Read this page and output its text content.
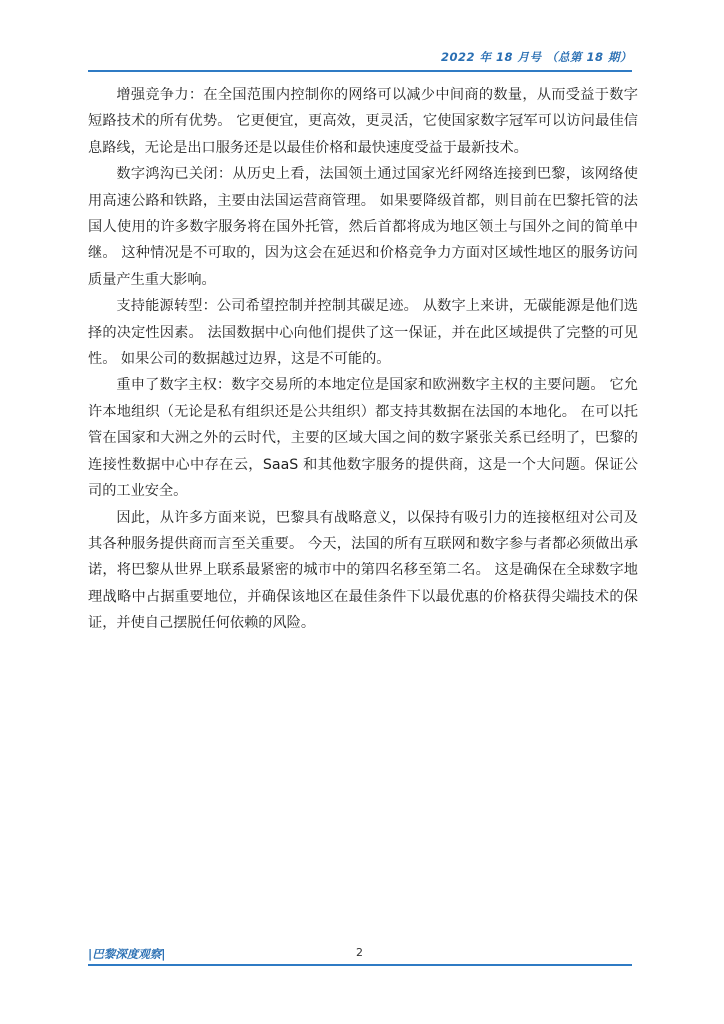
2022 年 18 月号 （总第 18 期）

增强竞争力：在全国范围内控制你的网络可以减少中间商的数量，从而受益于数字短路技术的所有优势。 它更便宜，更高效，更灵活，它使国家数字冠军可以访问最佳信息路线，无论是出口服务还是以最佳价格和最快速度受益于最新技术。

数字鸿沟已关闭：从历史上看，法国领土通过国家光纤网络连接到巴黎，该网络使用高速公路和铁路，主要由法国运营商管理。 如果要降级首都，则目前在巴黎托管的法国人使用的许多数字服务将在国外托管，然后首都将成为地区领土与国外之间的简单中继。 这种情况是不可取的，因为这会在延迟和价格竞争力方面对区域性地区的服务访问质量产生重大影响。

支持能源转型：公司希望控制并控制其碳足迹。 从数字上来讲，无碳能源是他们选择的决定性因素。 法国数据中心向他们提供了这一保证，并在此区域提供了完整的可见性。 如果公司的数据越过边界，这是不可能的。

重申了数字主权：数字交易所的本地定位是国家和欧洲数字主权的主要问题。 它允许本地组织（无论是私有组织还是公共组织）都支持其数据在法国的本地化。 在可以托管在国家和大洲之外的云时代，主要的区域大国之间的数字紧张关系已经明了，巴黎的连接性数据中心中存在云，SaaS 和其他数字服务的提供商，这是一个大问题。保证公司的工业安全。

因此，从许多方面来说，巴黎具有战略意义，以保持有吸引力的连接枢纽对公司及其各种服务提供商而言至关重要。 今天，法国的所有互联网和数字参与者都必须做出承诺，将巴黎从世界上联系最紧密的城市中的第四名移至第二名。 这是确保在全球数字地理战略中占据重要地位，并确保该地区在最佳条件下以最优惠的价格获得尖端技术的保证，并使自己摆脱任何依赖的风险。

|巴黎深度观察|	2
